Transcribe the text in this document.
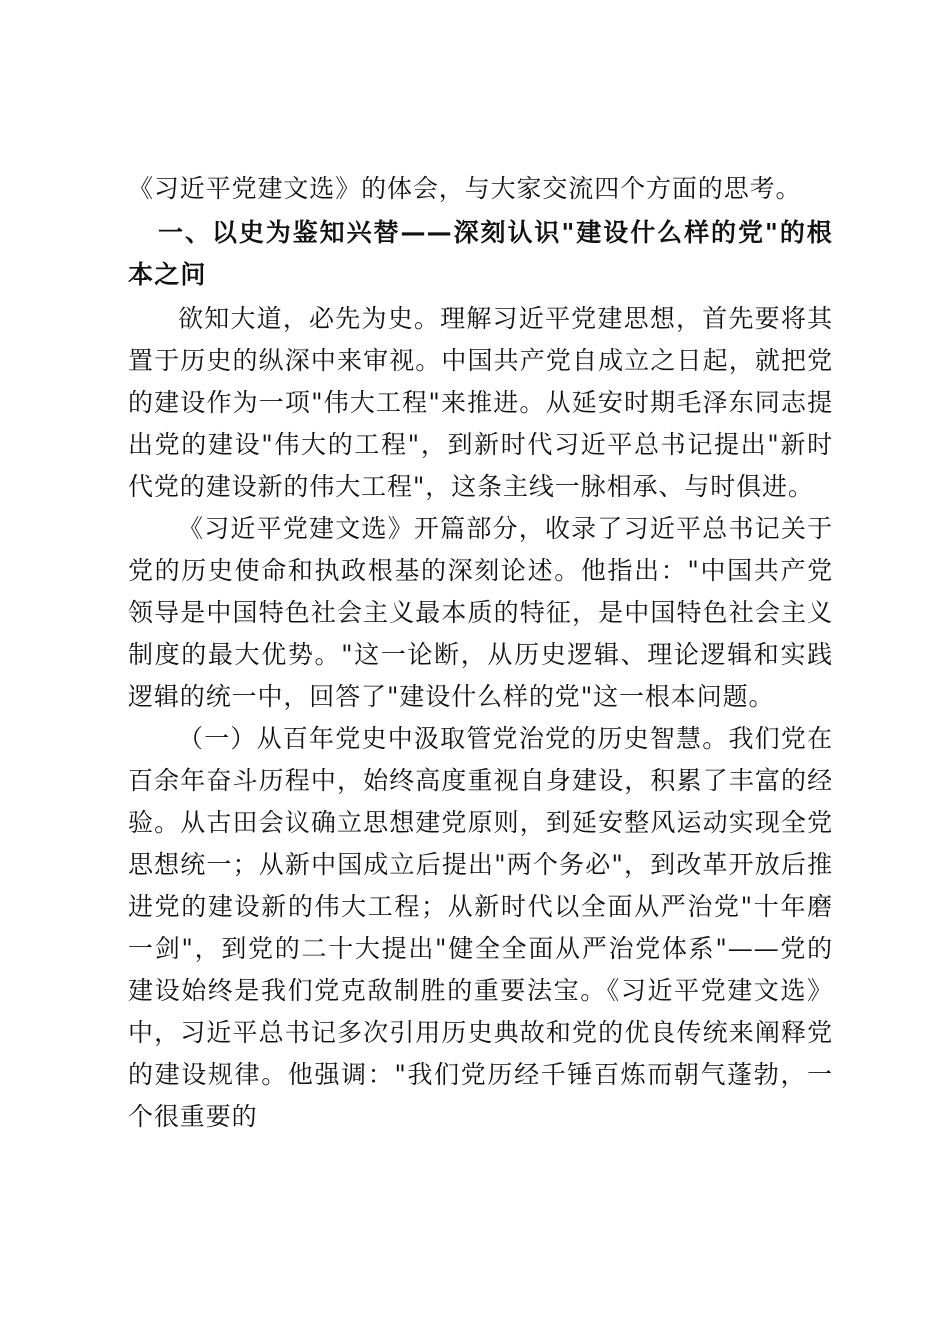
《习近平党建文选》的体会，与大家交流四个方面的思考。

一、以史为鉴知兴替——深刻认识"建设什么样的党"的根本之问

欲知大道，必先为史。理解习近平党建思想，首先要将其置于历史的纵深中来审视。中国共产党自成立之日起，就把党的建设作为一项"伟大工程"来推进。从延安时期毛泽东同志提出党的建设"伟大的工程"，到新时代习近平总书记提出"新时代党的建设新的伟大工程"，这条主线一脉相承、与时俱进。

《习近平党建文选》开篇部分，收录了习近平总书记关于党的历史使命和执政根基的深刻论述。他指出："中国共产党领导是中国特色社会主义最本质的特征，是中国特色社会主义制度的最大优势。"这一论断，从历史逻辑、理论逻辑和实践逻辑的统一中，回答了"建设什么样的党"这一根本问题。

（一）从百年党史中汲取管党治党的历史智慧。我们党在百余年奋斗历程中，始终高度重视自身建设，积累了丰富的经验。从古田会议确立思想建党原则，到延安整风运动实现全党思想统一；从新中国成立后提出"两个务必"，到改革开放后推进党的建设新的伟大工程；从新时代以全面从严治党"十年磨一剑"，到党的二十大提出"健全全面从严治党体系"——党的建设始终是我们党克敌制胜的重要法宝。《习近平党建文选》中，习近平总书记多次引用历史典故和党的优良传统来阐释党的建设规律。他强调："我们党历经千锤百炼而朝气蓬勃，一个很重要的
